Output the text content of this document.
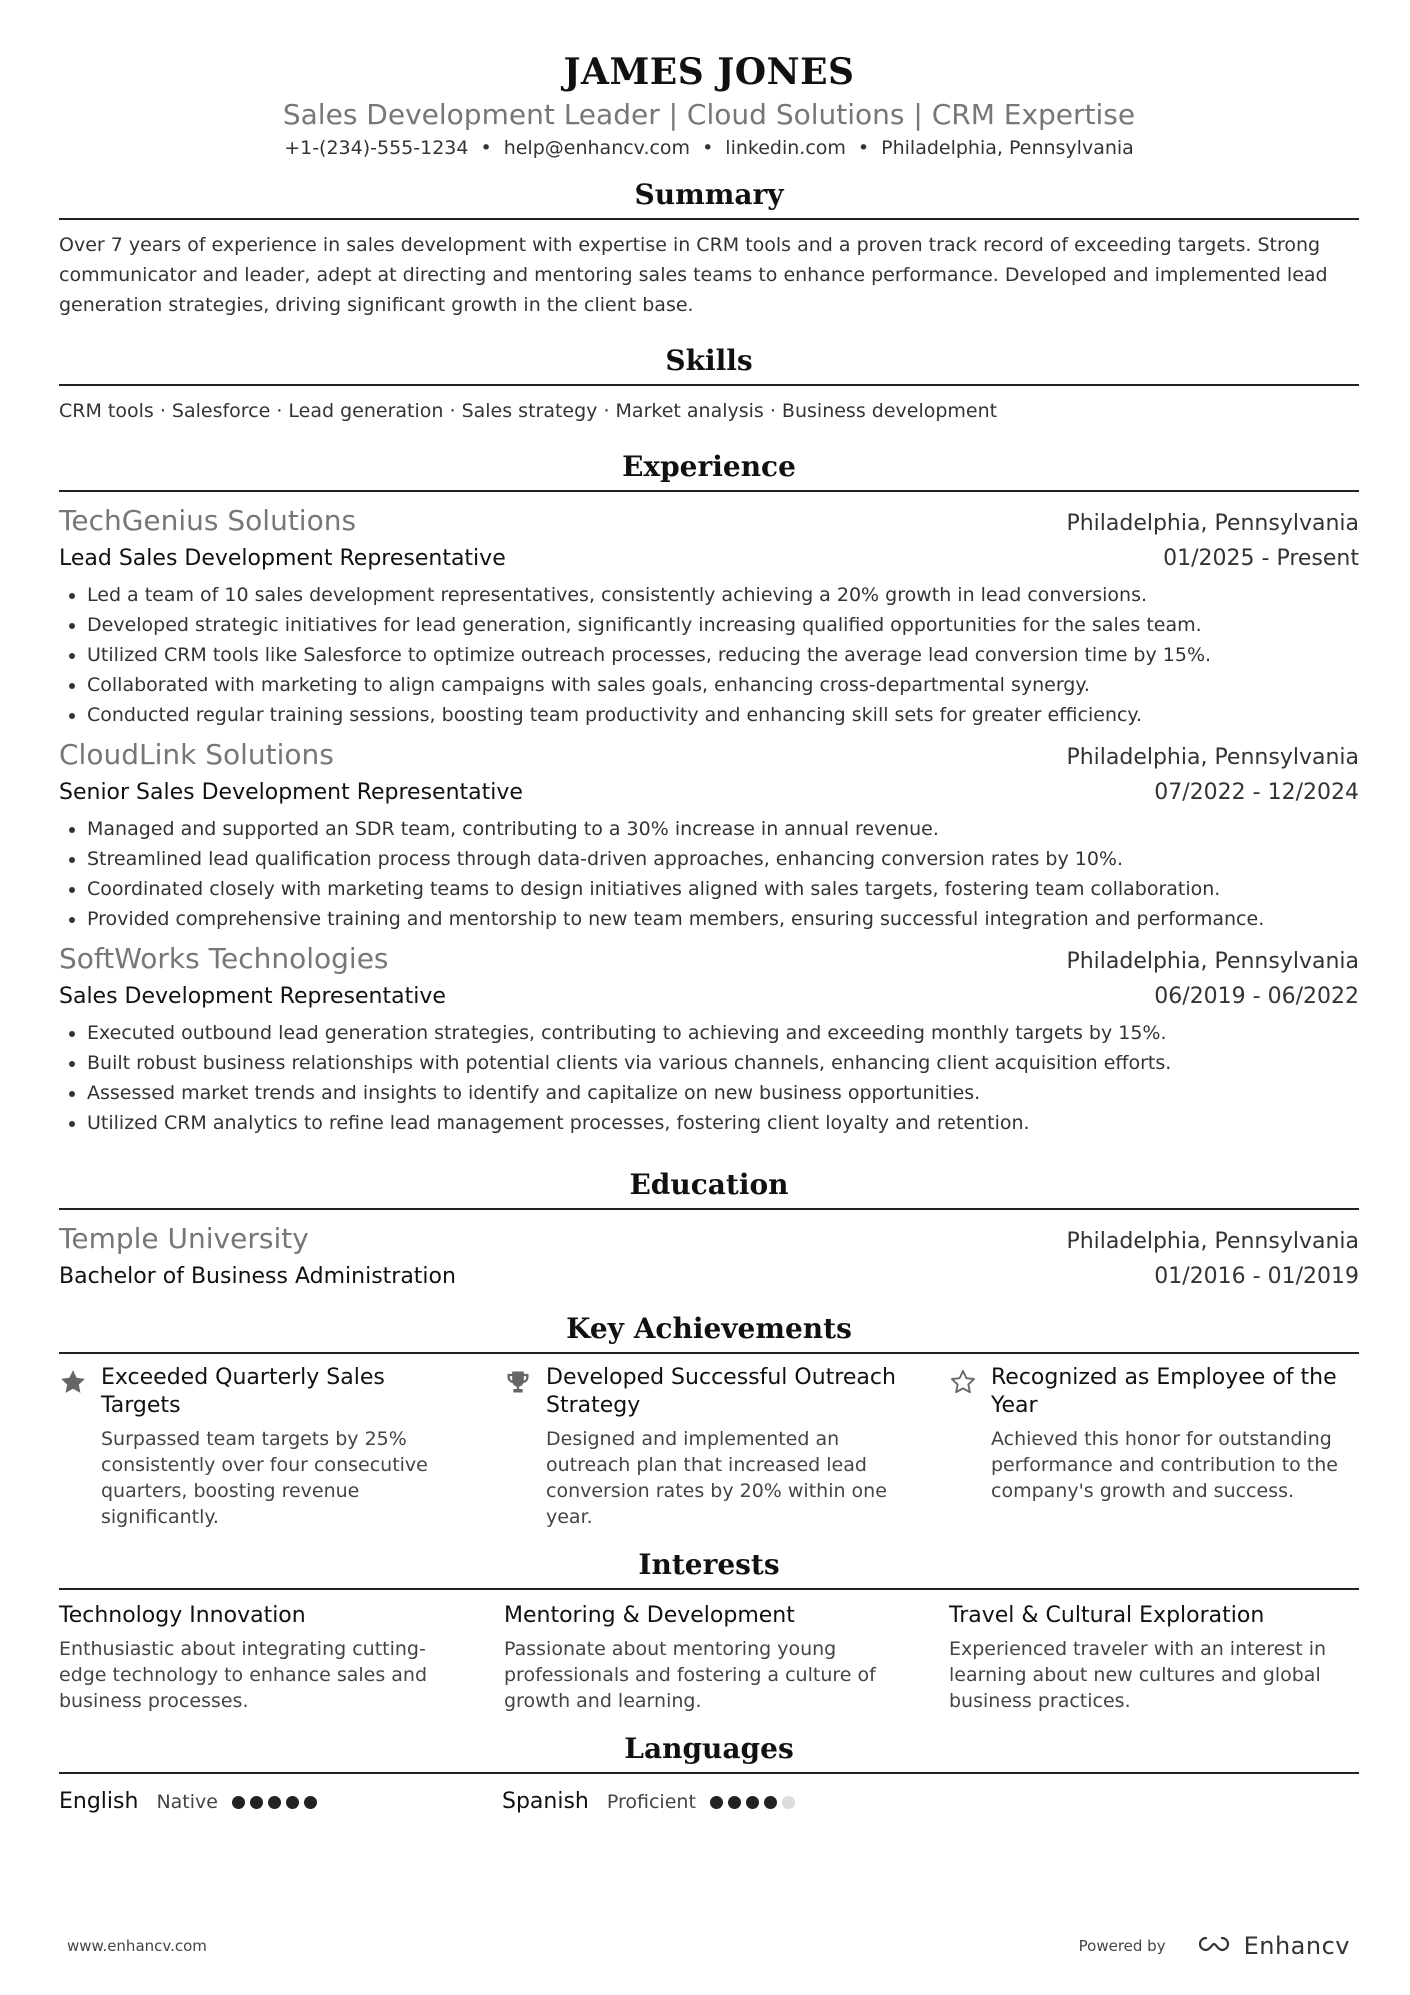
JAMES JONES

Sales Development Leader | Cloud Solutions | CRM Expertise

+1-(234)-555-1234 • help@enhancv.com • linkedin.com • Philadelphia, Pennsylvania

Summary

Over 7 years of experience in sales development with expertise in CRM tools and a proven track record of exceeding targets. Strong communicator and leader, adept at directing and mentoring sales teams to enhance performance. Developed and implemented lead generation strategies, driving significant growth in the client base.

Skills

CRM tools · Salesforce · Lead generation · Sales strategy · Market analysis · Business development

Experience
TechGenius Solutions	Philadelphia, Pennsylvania
Lead Sales Development Representative	01/2025 - Present
• Led a team of 10 sales development representatives, consistently achieving a 20% growth in lead conversions.
• Developed strategic initiatives for lead generation, significantly increasing qualified opportunities for the sales team.
• Utilized CRM tools like Salesforce to optimize outreach processes, reducing the average lead conversion time by 15%.
• Collaborated with marketing to align campaigns with sales goals, enhancing cross-departmental synergy.
• Conducted regular training sessions, boosting team productivity and enhancing skill sets for greater efficiency.
CloudLink Solutions	Philadelphia, Pennsylvania
Senior Sales Development Representative	07/2022 - 12/2024
• Managed and supported an SDR team, contributing to a 30% increase in annual revenue.
• Streamlined lead qualification process through data-driven approaches, enhancing conversion rates by 10%.
• Coordinated closely with marketing teams to design initiatives aligned with sales targets, fostering team collaboration.
• Provided comprehensive training and mentorship to new team members, ensuring successful integration and performance.
SoftWorks Technologies	Philadelphia, Pennsylvania
Sales Development Representative	06/2019 - 06/2022
• Executed outbound lead generation strategies, contributing to achieving and exceeding monthly targets by 15%.
• Built robust business relationships with potential clients via various channels, enhancing client acquisition efforts.
• Assessed market trends and insights to identify and capitalize on new business opportunities.
• Utilized CRM analytics to refine lead management processes, fostering client loyalty and retention.
Education
Temple University	Philadelphia, Pennsylvania
Bachelor of Business Administration	01/2016 - 01/2019
Key Achievements
Exceeded Quarterly Sales Targets
Surpassed team targets by 25% consistently over four consecutive quarters, boosting revenue significantly.
Developed Successful Outreach Strategy
Designed and implemented an outreach plan that increased lead conversion rates by 20% within one year.
Recognized as Employee of the Year
Achieved this honor for outstanding performance and contribution to the company's growth and success.
Interests
Technology Innovation
Enthusiastic about integrating cutting-edge technology to enhance sales and business processes.
Mentoring & Development
Passionate about mentoring young professionals and fostering a culture of growth and learning.
Travel & Cultural Exploration
Experienced traveler with an interest in learning about new cultures and global business practices.
Languages
English Native	Spanish Proficient
www.enhancv.com	Powered by	Enhancv
